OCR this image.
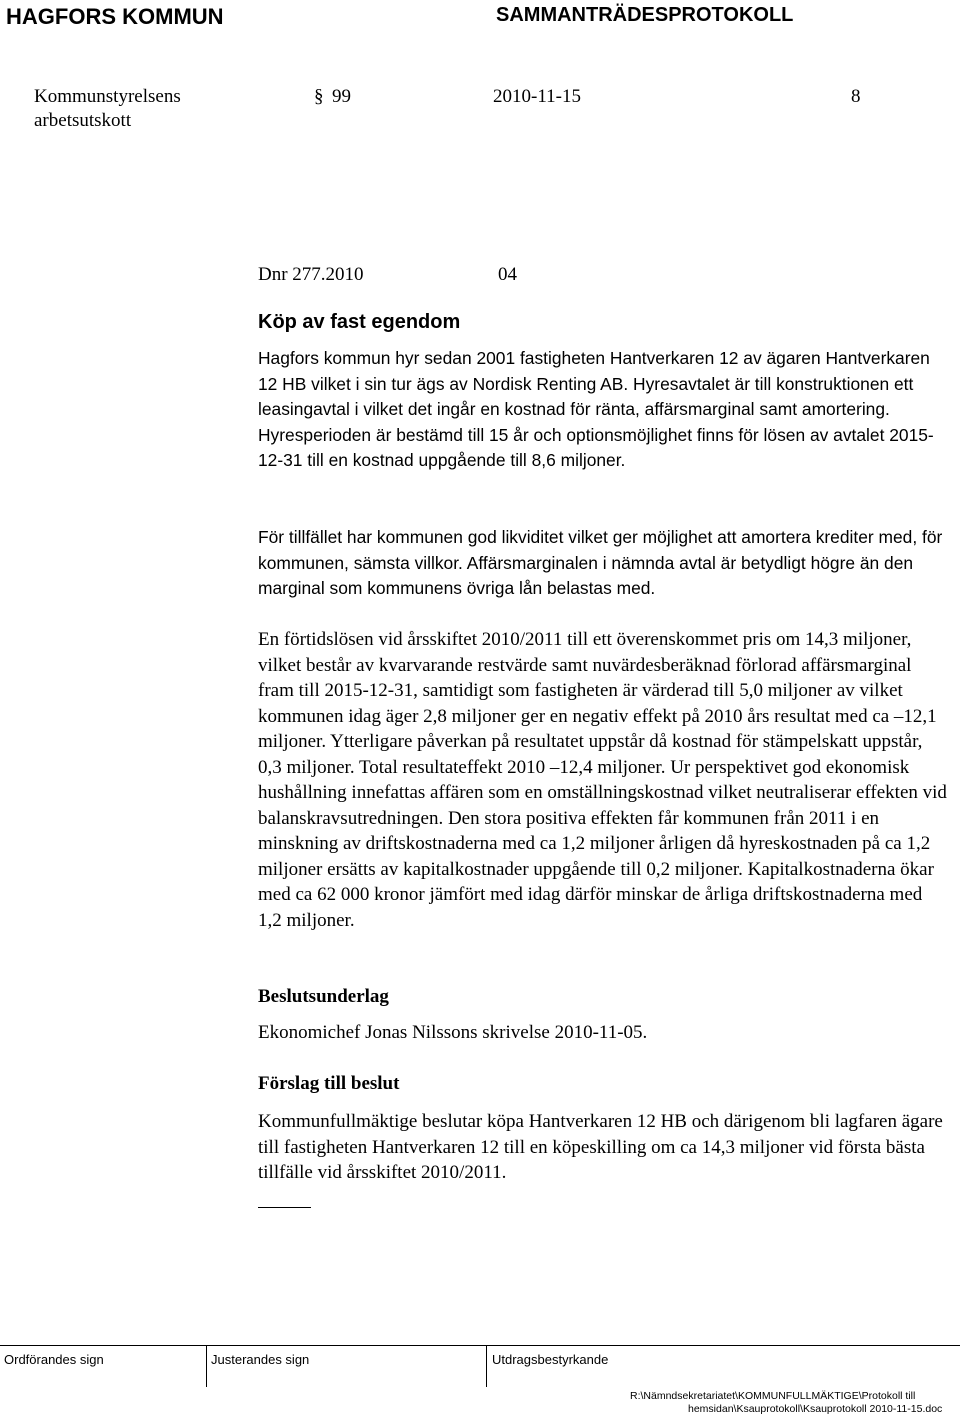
HAGFORS KOMMUN	SAMMANTRÄDESPROTOKOLL
Kommunstyrelsens
arbetsutskott
§ 99	2010-11-15	8
Dnr 277.2010	04
Köp av fast egendom
Hagfors kommun hyr sedan 2001 fastigheten Hantverkaren 12 av ägaren Hantverkaren 12 HB vilket i sin tur ägs av Nordisk Renting AB. Hyresavtalet är till konstruktionen ett leasingavtal i vilket det ingår en kostnad för ränta, affärsmarginal samt amortering. Hyresperioden är bestämd till 15 år och optionsmöjlighet finns för lösen av avtalet 2015-12-31 till en kostnad uppgående till 8,6 miljoner.
För tillfället har kommunen god likviditet vilket ger möjlighet att amortera krediter med, för kommunen, sämsta villkor. Affärsmarginalen i nämnda avtal är betydligt högre än den marginal som kommunens övriga lån belastas med.
En förtidslösen vid årsskiftet 2010/2011 till ett överenskommet pris om 14,3 miljoner, vilket består av kvarvarande restvärde samt nuvärdesberäknad förlorad affärsmarginal fram till 2015-12-31, samtidigt som fastigheten är värderad till 5,0 miljoner av vilket kommunen idag äger 2,8 miljoner ger en negativ effekt på 2010 års resultat med ca –12,1 miljoner. Ytterligare påverkan på resultatet uppstår då kostnad för stämpelskatt uppstår, 0,3 miljoner. Total resultateffekt 2010 –12,4 miljoner. Ur perspektivet god ekonomisk hushållning innefattas affären som en omställningskostnad vilket neutraliserar effekten vid balanskravsutredningen. Den stora positiva effekten får kommunen från 2011 i en minskning av driftskostnaderna med ca 1,2 miljoner årligen då hyreskostnaden på ca 1,2 miljoner ersätts av kapitalkostnader uppgående till 0,2 miljoner. Kapitalkostnaderna ökar med ca 62 000 kronor jämfört med idag därför minskar de årliga driftskostnaderna med 1,2 miljoner.
Beslutsunderlag
Ekonomichef Jonas Nilssons skrivelse 2010-11-05.
Förslag till beslut
Kommunfullmäktige beslutar köpa Hantverkaren 12 HB och därigenom bli lagfaren ägare till fastigheten Hantverkaren 12 till en köpeskilling om ca 14,3 miljoner vid första bästa tillfälle vid årsskiftet 2010/2011.
Ordförandes sign	Justerandes sign	Utdragsbestyrkande
R:\Nämndsekretariatet\KOMMUNFULLMÄKTIGE\Protokoll till
hemsidan\Ksauprotokoll\Ksauprotokoll 2010-11-15.doc
